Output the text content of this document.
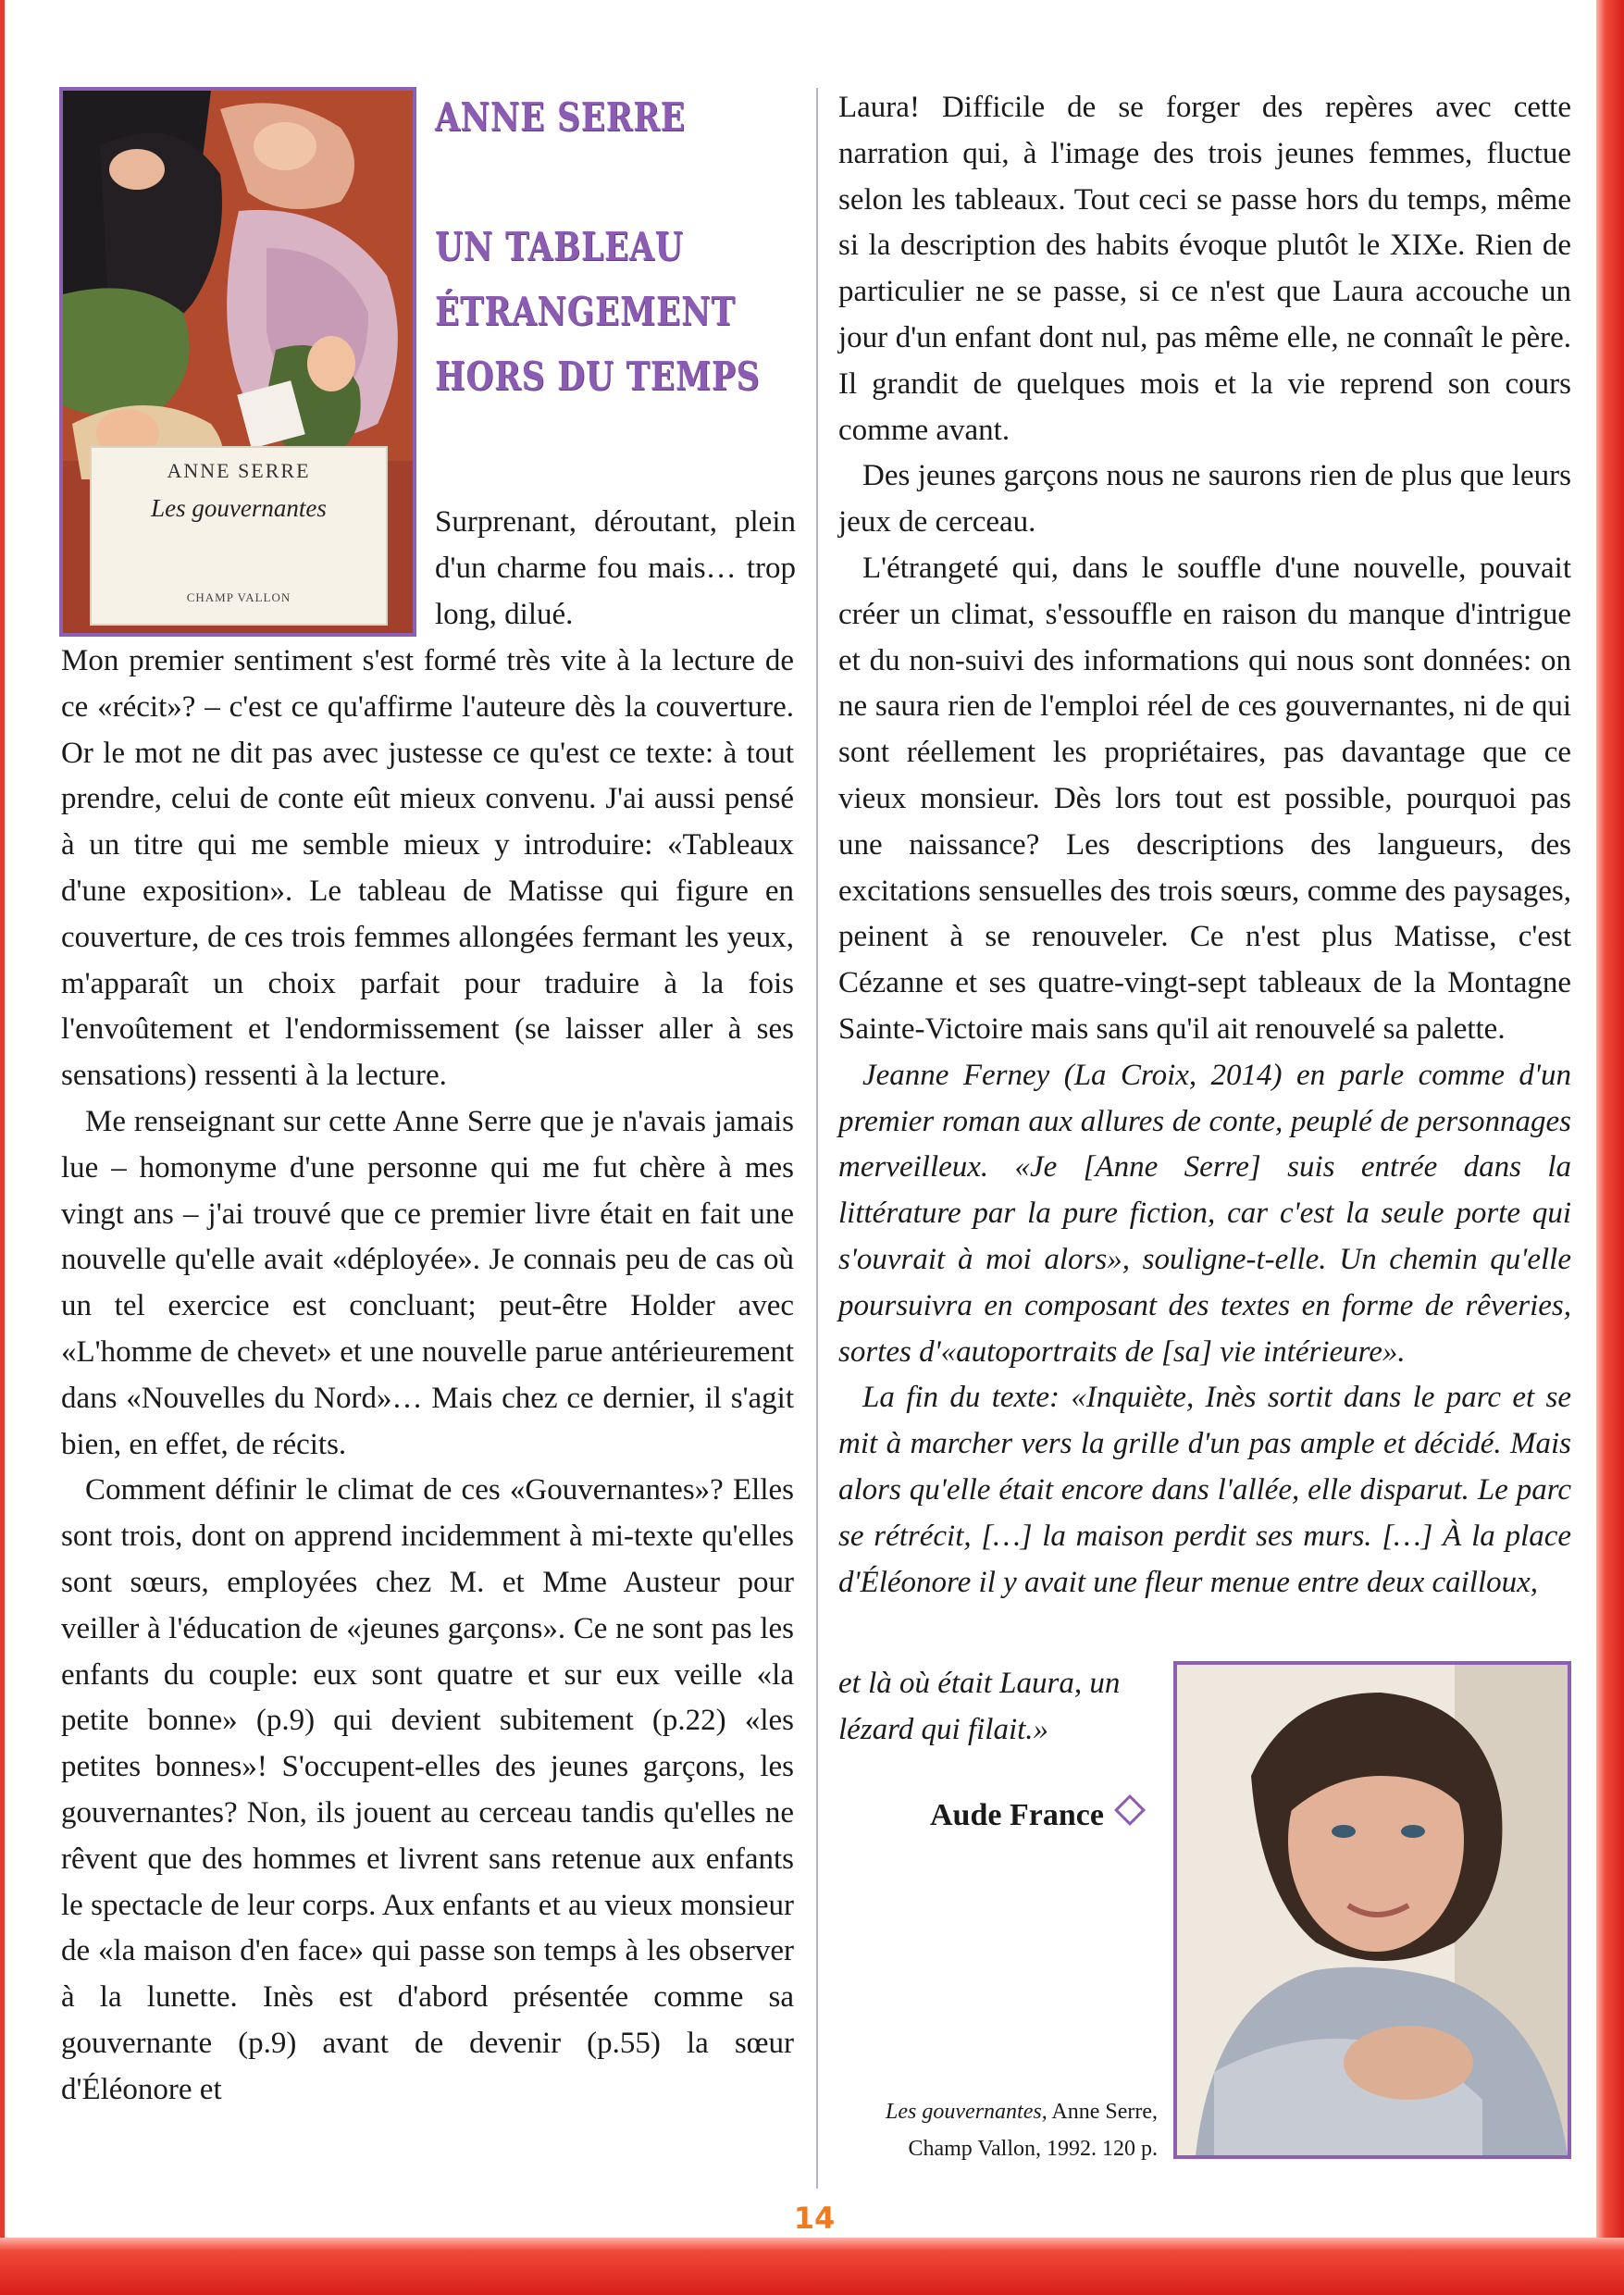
ANNE SERRE
Les gouvernantes
CHAMP VALLON
ANNE SERRE
UN TABLEAU
ÉTRANGEMENT
HORS DU TEMPS

Surprenant, déroutant, plein d'un charme fou mais… trop long, dilué.

Mon premier sentiment s'est formé très vite à la lecture de ce «récit»? – c'est ce qu'affirme l'auteure dès la couverture. Or le mot ne dit pas avec justesse ce qu'est ce texte: à tout prendre, celui de conte eût mieux convenu. J'ai aussi pensé à un titre qui me semble mieux y introduire: «Tableaux d'une exposition». Le tableau de Matisse qui figure en couverture, de ces trois femmes allongées fermant les yeux, m'apparaît un choix parfait pour traduire à la fois l'envoûtement et l'endormissement (se laisser aller à ses sensations) ressenti à la lecture.

Me renseignant sur cette Anne Serre que je n'avais jamais lue – homonyme d'une personne qui me fut chère à mes vingt ans – j'ai trouvé que ce premier livre était en fait une nouvelle qu'elle avait «déployée». Je connais peu de cas où un tel exercice est concluant; peut-être Holder avec «L'homme de chevet» et une nouvelle parue antérieurement dans «Nouvelles du Nord»… Mais chez ce dernier, il s'agit bien, en effet, de récits.

Comment définir le climat de ces «Gouvernantes»? Elles sont trois, dont on apprend incidemment à mi-texte qu'elles sont sœurs, employées chez M. et Mme Austeur pour veiller à l'éducation de «jeunes garçons». Ce ne sont pas les enfants du couple: eux sont quatre et sur eux veille «la petite bonne» (p.9) qui devient subitement (p.22) «les petites bonnes»! S'occupent-elles des jeunes garçons, les gouvernantes? Non, ils jouent au cerceau tandis qu'elles ne rêvent que des hommes et livrent sans retenue aux enfants le spectacle de leur corps. Aux enfants et au vieux monsieur de «la maison d'en face» qui passe son temps à les observer à la lunette. Inès est d'abord présentée comme sa gouvernante (p.9) avant de devenir (p.55) la sœur d'Éléonore et

Laura! Difficile de se forger des repères avec cette narration qui, à l'image des trois jeunes femmes, fluctue selon les tableaux. Tout ceci se passe hors du temps, même si la description des habits évoque plutôt le XIXe. Rien de particulier ne se passe, si ce n'est que Laura accouche un jour d'un enfant dont nul, pas même elle, ne connaît le père. Il grandit de quelques mois et la vie reprend son cours comme avant.

Des jeunes garçons nous ne saurons rien de plus que leurs jeux de cerceau.

L'étrangeté qui, dans le souffle d'une nouvelle, pouvait créer un climat, s'essouffle en raison du manque d'intrigue et du non-suivi des informations qui nous sont données: on ne saura rien de l'emploi réel de ces gouvernantes, ni de qui sont réellement les propriétaires, pas davantage que ce vieux monsieur. Dès lors tout est possible, pourquoi pas une naissance? Les descriptions des langueurs, des excitations sensuelles des trois sœurs, comme des paysages, peinent à se renouveler. Ce n'est plus Matisse, c'est Cézanne et ses quatre-vingt-sept tableaux de la Montagne Sainte-Victoire mais sans qu'il ait renouvelé sa palette.

Jeanne Ferney (La Croix, 2014) en parle comme d'un premier roman aux allures de conte, peuplé de personnages merveilleux. «Je [Anne Serre] suis entrée dans la littérature par la pure fiction, car c'est la seule porte qui s'ouvrait à moi alors», souligne-t-elle. Un chemin qu'elle poursuivra en composant des textes en forme de rêveries, sortes d'«autoportraits de [sa] vie intérieure».

La fin du texte: «Inquiète, Inès sortit dans le parc et se mit à marcher vers la grille d'un pas ample et décidé. Mais alors qu'elle était encore dans l'allée, elle disparut. Le parc se rétrécit, […] la maison perdit ses murs. […] À la place d'Éléonore il y avait une fleur menue entre deux cailloux,

et là où était Laura, un lézard qui filait.»

Aude France
Les gouvernantes, Anne Serre,
Champ Vallon, 1992. 120 p.
14
